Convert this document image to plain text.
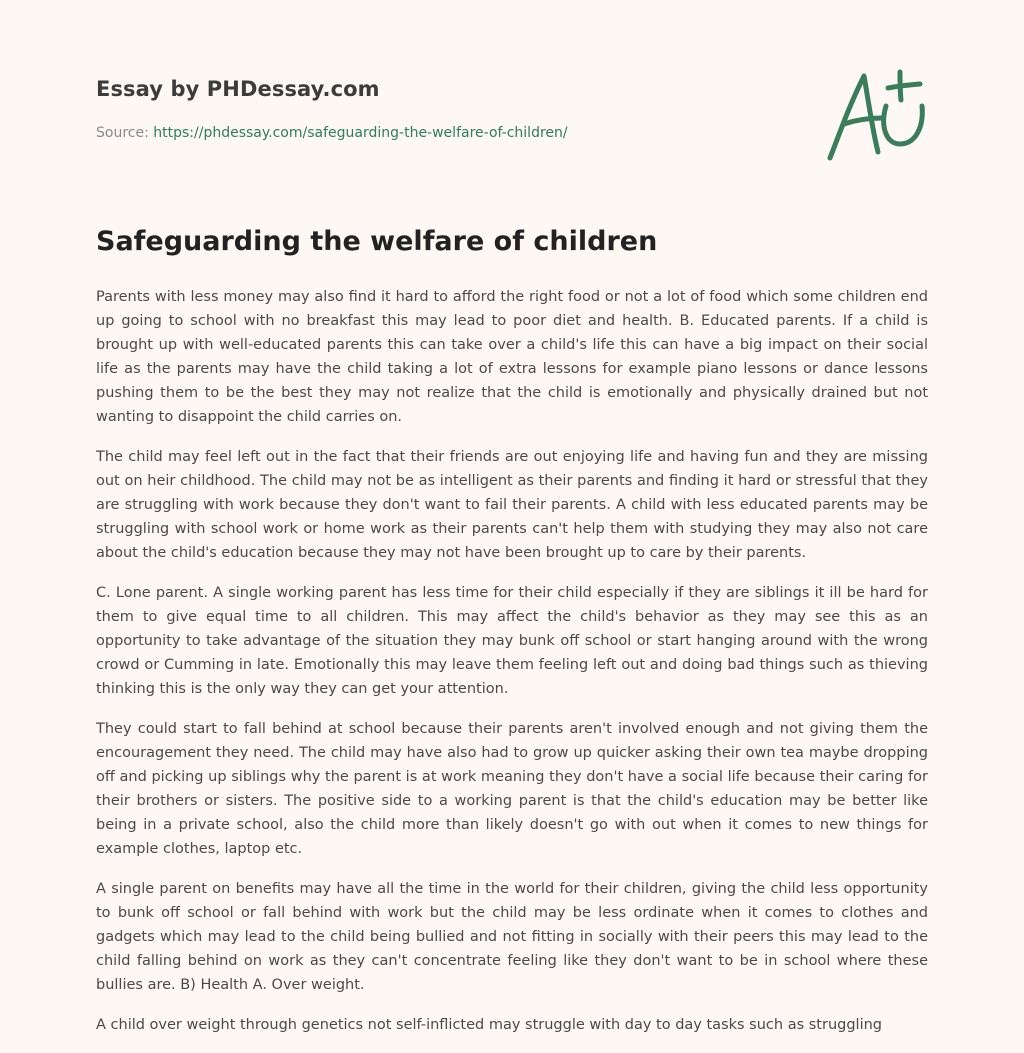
Essay by PHDessay.com
Source: https://phdessay.com/safeguarding-the-welfare-of-children/
Safeguarding the welfare of children

Parents with less money may also find it hard to afford the right food or not a lot of food which some children end up going to school with no breakfast this may lead to poor diet and health. B. Educated parents. If a child is brought up with well-educated parents this can take over a child's life this can have a big impact on their social life as the parents may have the child taking a lot of extra lessons for example piano lessons or dance lessons pushing them to be the best they may not realize that the child is emotionally and physically drained but not wanting to disappoint the child carries on.

The child may feel left out in the fact that their friends are out enjoying life and having fun and they are missing out on heir childhood. The child may not be as intelligent as their parents and finding it hard or stressful that they are struggling with work because they don't want to fail their parents. A child with less educated parents may be struggling with school work or home work as their parents can't help them with studying they may also not care about the child's education because they may not have been brought up to care by their parents.

C. Lone parent. A single working parent has less time for their child especially if they are siblings it ill be hard for them to give equal time to all children. This may affect the child's behavior as they may see this as an opportunity to take advantage of the situation they may bunk off school or start hanging around with the wrong crowd or Cumming in late. Emotionally this may leave them feeling left out and doing bad things such as thieving thinking this is the only way they can get your attention.

They could start to fall behind at school because their parents aren't involved enough and not giving them the encouragement they need. The child may have also had to grow up quicker asking their own tea maybe dropping off and picking up siblings why the parent is at work meaning they don't have a social life because their caring for their brothers or sisters. The positive side to a working parent is that the child's education may be better like being in a private school, also the child more than likely doesn't go with out when it comes to new things for example clothes, laptop etc.

A single parent on benefits may have all the time in the world for their children, giving the child less opportunity to bunk off school or fall behind with work but the child may be less ordinate when it comes to clothes and gadgets which may lead to the child being bullied and not fitting in socially with their peers this may lead to the child falling behind on work as they can't concentrate feeling like they don't want to be in school where these bullies are. B) Health A. Over weight.

A child over weight through genetics not self-inflicted may struggle with day to day tasks such as struggling
